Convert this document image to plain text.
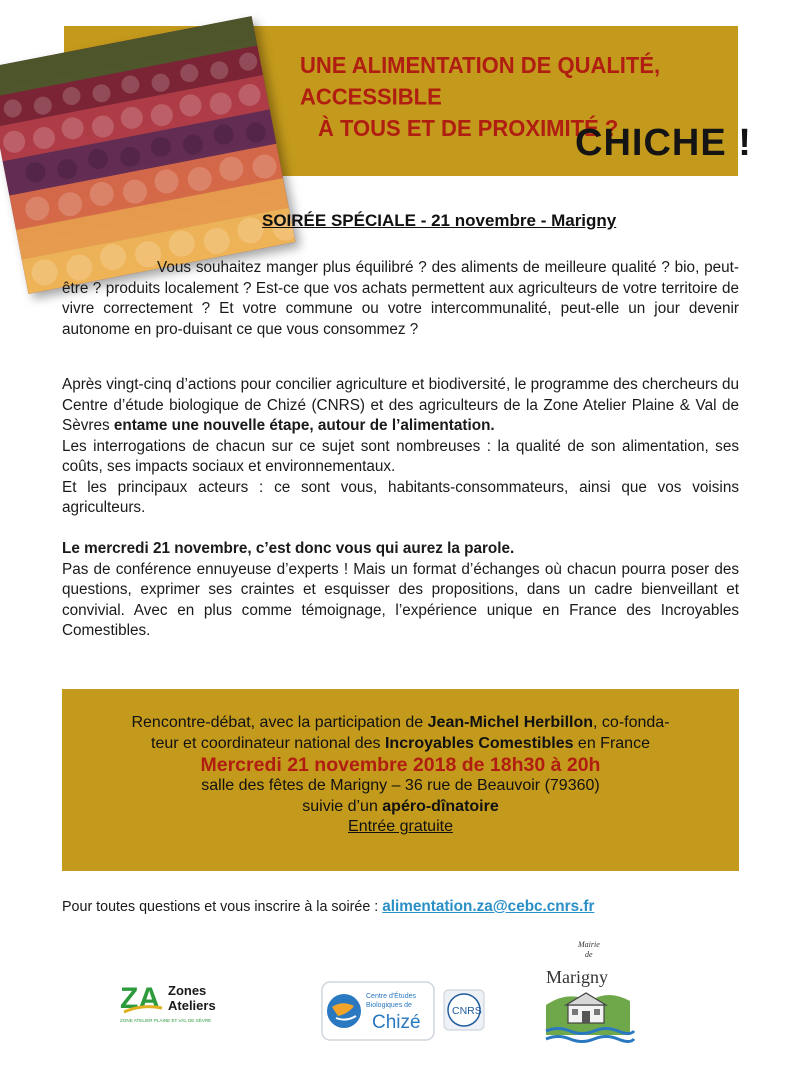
UNE ALIMENTATION DE QUALITÉ, ACCESSIBLE
À TOUS ET DE PROXIMITÉ ?
CHICHE !
SOIRÉE SPÉCIALE - 21 novembre - Marigny

Vous souhaitez manger plus équilibré ? des aliments de meilleure qualité ? bio, peut-être ? produits localement ? Est-ce que vos achats permettent aux agriculteurs de votre territoire de vivre correctement ? Et votre commune ou votre intercommunalité, peut-elle un jour devenir autonome en pro-duisant ce que vous consommez ?

Après vingt-cinq d’actions pour concilier agriculture et biodiversité, le programme des chercheurs du Centre d’étude biologique de Chizé (CNRS) et des agriculteurs de la Zone Atelier Plaine & Val de Sèvres entame une nouvelle étape, autour de l’alimentation.

Les interrogations de chacun sur ce sujet sont nombreuses : la qualité de son alimentation, ses coûts, ses impacts sociaux et environnementaux.

Et les principaux acteurs : ce sont vous, habitants-consommateurs, ainsi que vos voisins agriculteurs.

Le mercredi 21 novembre, c’est donc vous qui aurez la parole.

Pas de conférence ennuyeuse d’experts ! Mais un format d’échanges où chacun pourra poser des questions, exprimer ses craintes et esquisser des propositions, dans un cadre bienveillant et convivial. Avec en plus comme témoignage, l’expérience unique en France des Incroyables Comestibles.

Rencontre-débat, avec la participation de Jean-Michel Herbillon, co-fonda-
teur et coordinateur national des Incroyables Comestibles en France
Mercredi 21 novembre 2018 de 18h30 à 20h
salle des fêtes de Marigny – 36 rue de Beauvoir (79360)
suivie d’un apéro-dînatoire
Entrée gratuite
Pour toutes questions et vous inscrire à la soirée : alimentation.za@cebc.cnrs.fr
ZA Zones
Ateliers
ZONE ATELIER PLAINE ET VAL DE SÈVRE
Centre d'Études
Biologiques de
Chizé
CNRS
Mairie
de
Marigny
